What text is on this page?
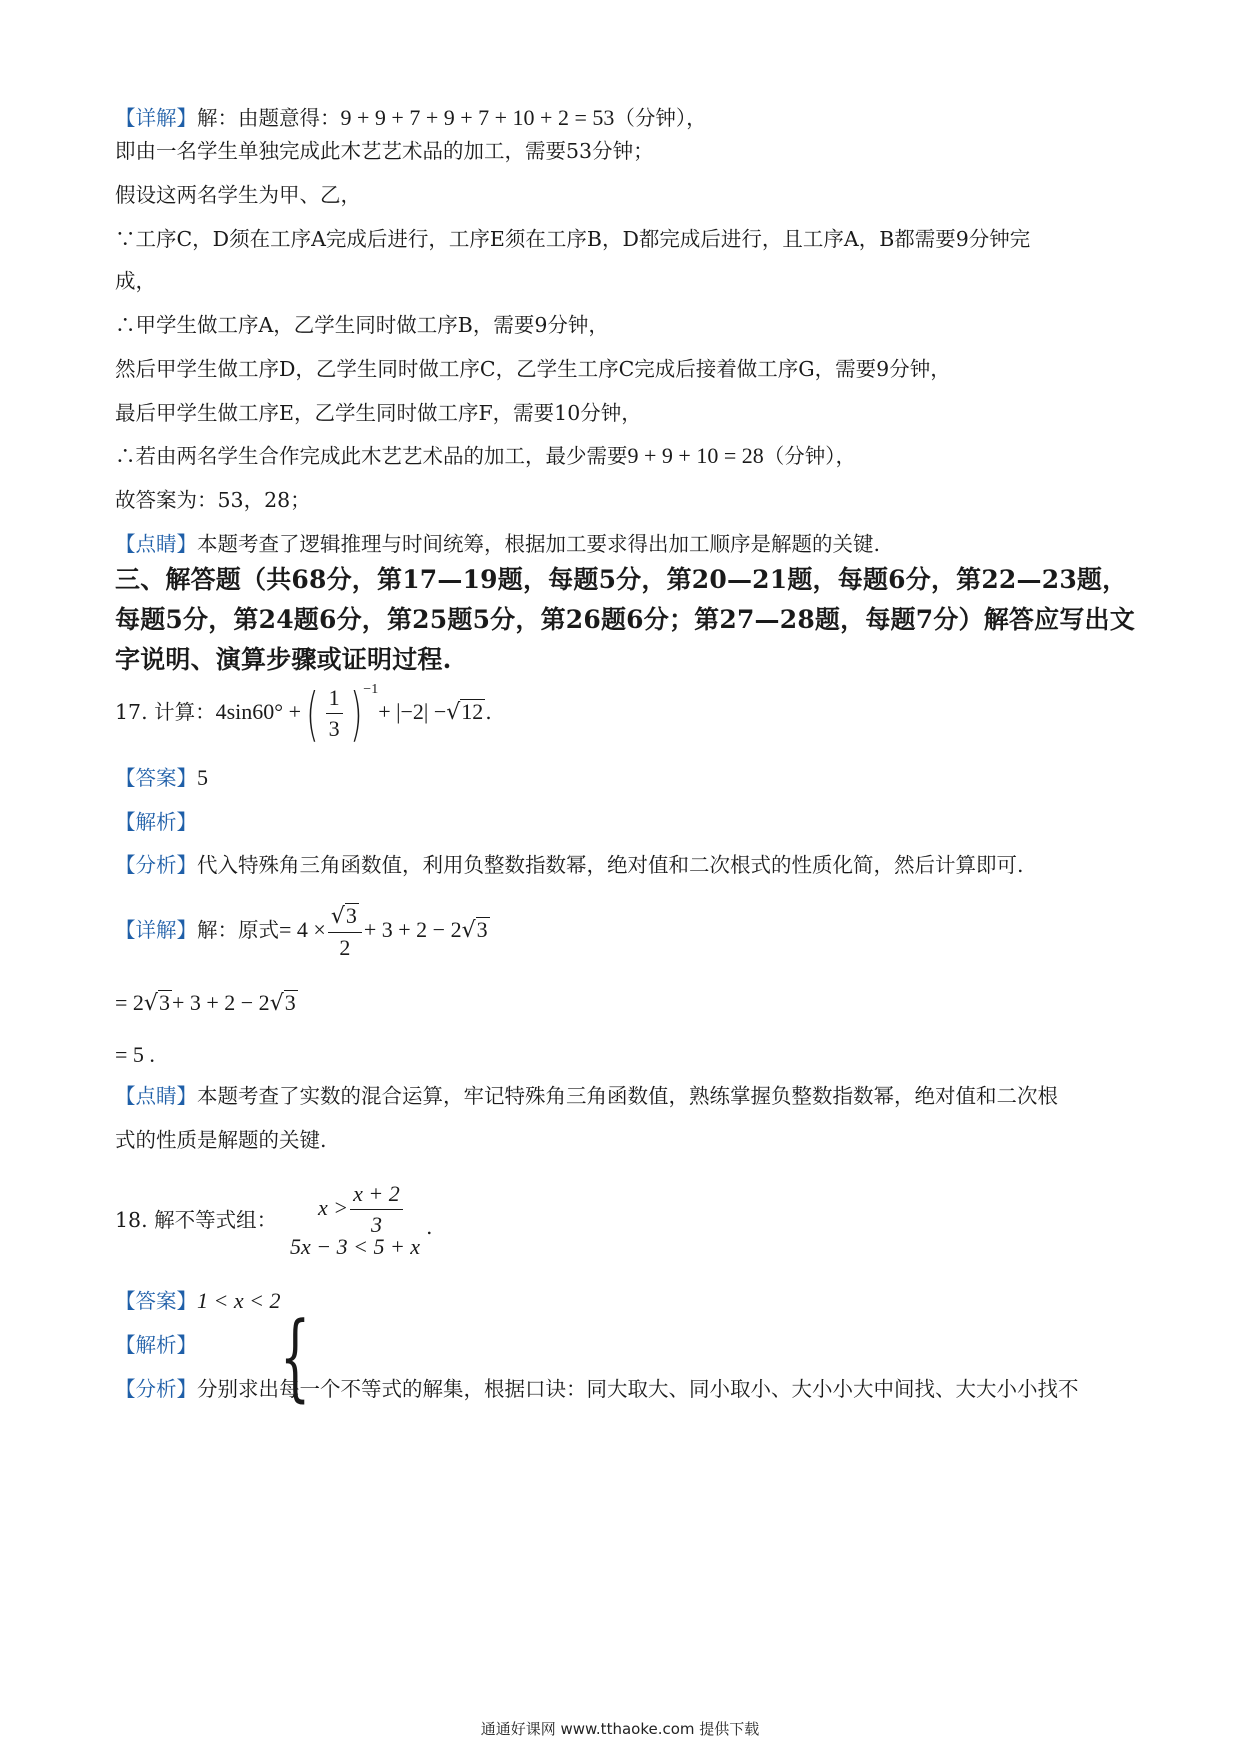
【详解】解：由题意得：9 + 9 + 7 + 9 + 7 + 10 + 2 = 53（分钟），
即由一名学生单独完成此木艺艺术品的加工，需要53分钟；
假设这两名学生为甲、乙，
∵工序C，D须在工序A完成后进行，工序E须在工序B，D都完成后进行，且工序A，B都需要9分钟完
成，
∴甲学生做工序A，乙学生同时做工序B，需要9分钟，
然后甲学生做工序D，乙学生同时做工序C，乙学生工序C完成后接着做工序G，需要9分钟，
最后甲学生做工序E，乙学生同时做工序F，需要10分钟，
∴若由两名学生合作完成此木艺艺术品的加工，最少需要9 + 9 + 10 = 28（分钟），
故答案为：53，28；
【点睛】本题考查了逻辑推理与时间统筹，根据加工要求得出加工顺序是解题的关键.
三、解答题（共68分，第17—19题，每题5分，第20—21题，每题6分，第22—23题，每题5分，第24题6分，第25题5分，第26题6分；第27—28题，每题7分）解答应写出文字说明、演算步骤或证明过程.
17. 计算：4sin60° +( $\frac{1}{3} )^{-1}+ |-2| -√12$.
【答案】5
【解析】
【分析】代入特殊角三角函数值，利用负整数指数幂，绝对值和二次根式的性质化简，然后计算即可.
【详解】解：原式= $4 \times \frac{√3}{2} + 3 + 2 - 2√3$
= 2√3+ 3 + 2 − 2√3
= 5 .
【点睛】本题考查了实数的混合运算，牢记特殊角三角函数值，熟练掌握负整数指数幂，绝对值和二次根
式的性质是解题的关键.
18. 解不等式组：
{
$x > \frac{x + 2}{3}$
5x − 3 < 5 + x
.
【答案】1 < x < 2
【解析】
【分析】分别求出每一个不等式的解集，根据口诀：同大取大、同小取小、大小小大中间找、大大小小找不
通通好课网 www.tthaoke.com 提供下载
